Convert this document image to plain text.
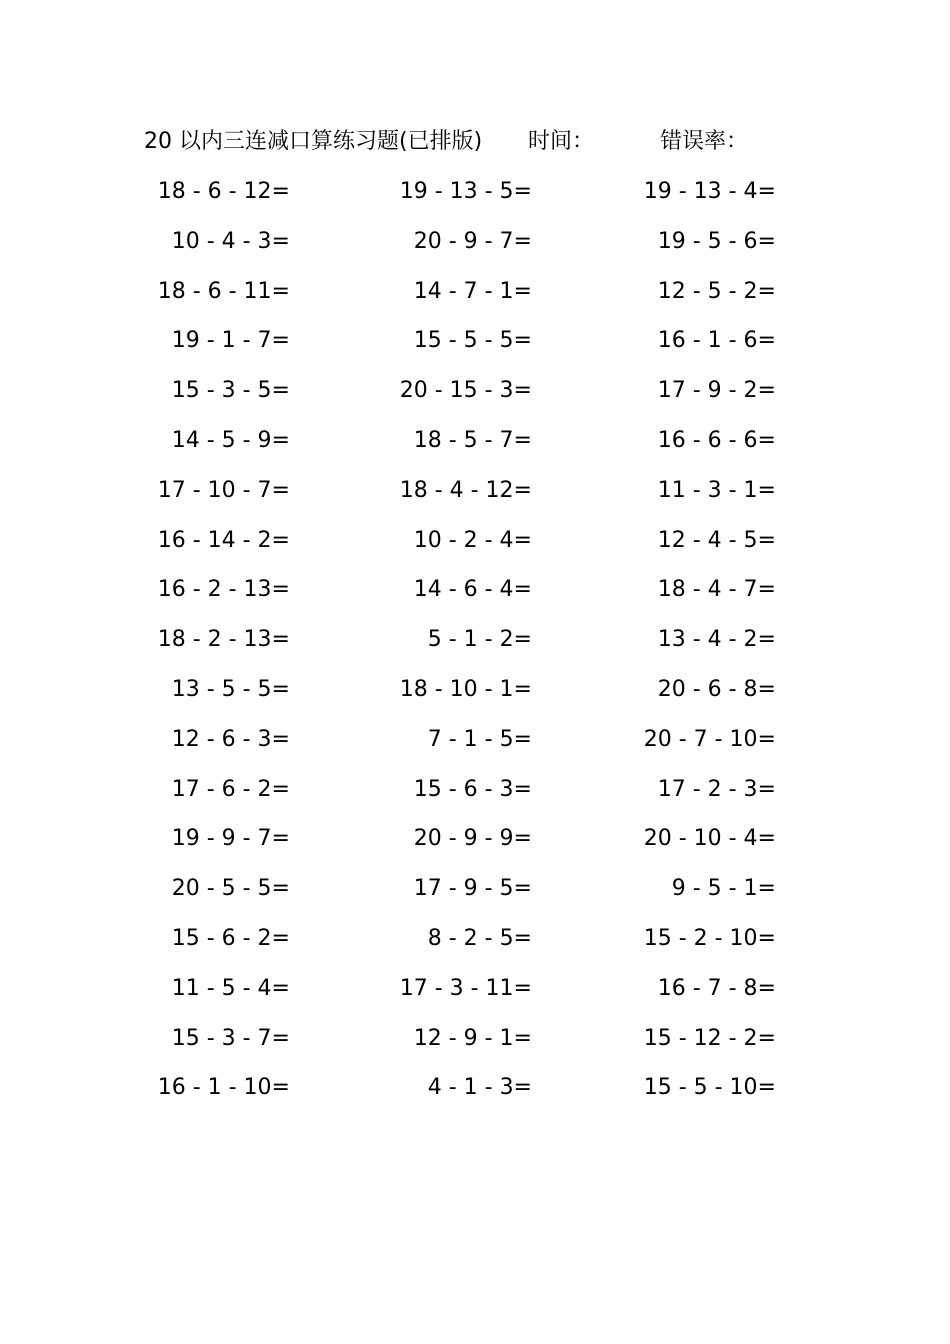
20 以内三连减口算练习题(已排版) 时间：	错误率：
18 - 6 - 12=	19 - 13 - 5=	19 - 13 - 4=
10 - 4 - 3=	20 - 9 - 7=	19 - 5 - 6=
18 - 6 - 11=	14 - 7 - 1=	12 - 5 - 2=
19 - 1 - 7=	15 - 5 - 5=	16 - 1 - 6=
15 - 3 - 5=	20 - 15 - 3=	17 - 9 - 2=
14 - 5 - 9=	18 - 5 - 7=	16 - 6 - 6=
17 - 10 - 7=	18 - 4 - 12=	11 - 3 - 1=
16 - 14 - 2=	10 - 2 - 4=	12 - 4 - 5=
16 - 2 - 13=	14 - 6 - 4=	18 - 4 - 7=
18 - 2 - 13=	5 - 1 - 2=	13 - 4 - 2=
13 - 5 - 5=	18 - 10 - 1=	20 - 6 - 8=
12 - 6 - 3=	7 - 1 - 5=	20 - 7 - 10=
17 - 6 - 2=	15 - 6 - 3=	17 - 2 - 3=
19 - 9 - 7=	20 - 9 - 9=	20 - 10 - 4=
20 - 5 - 5=	17 - 9 - 5=	9 - 5 - 1=
15 - 6 - 2=	8 - 2 - 5=	15 - 2 - 10=
11 - 5 - 4=	17 - 3 - 11=	16 - 7 - 8=
15 - 3 - 7=	12 - 9 - 1=	15 - 12 - 2=
16 - 1 - 10=	4 - 1 - 3=	15 - 5 - 10=
